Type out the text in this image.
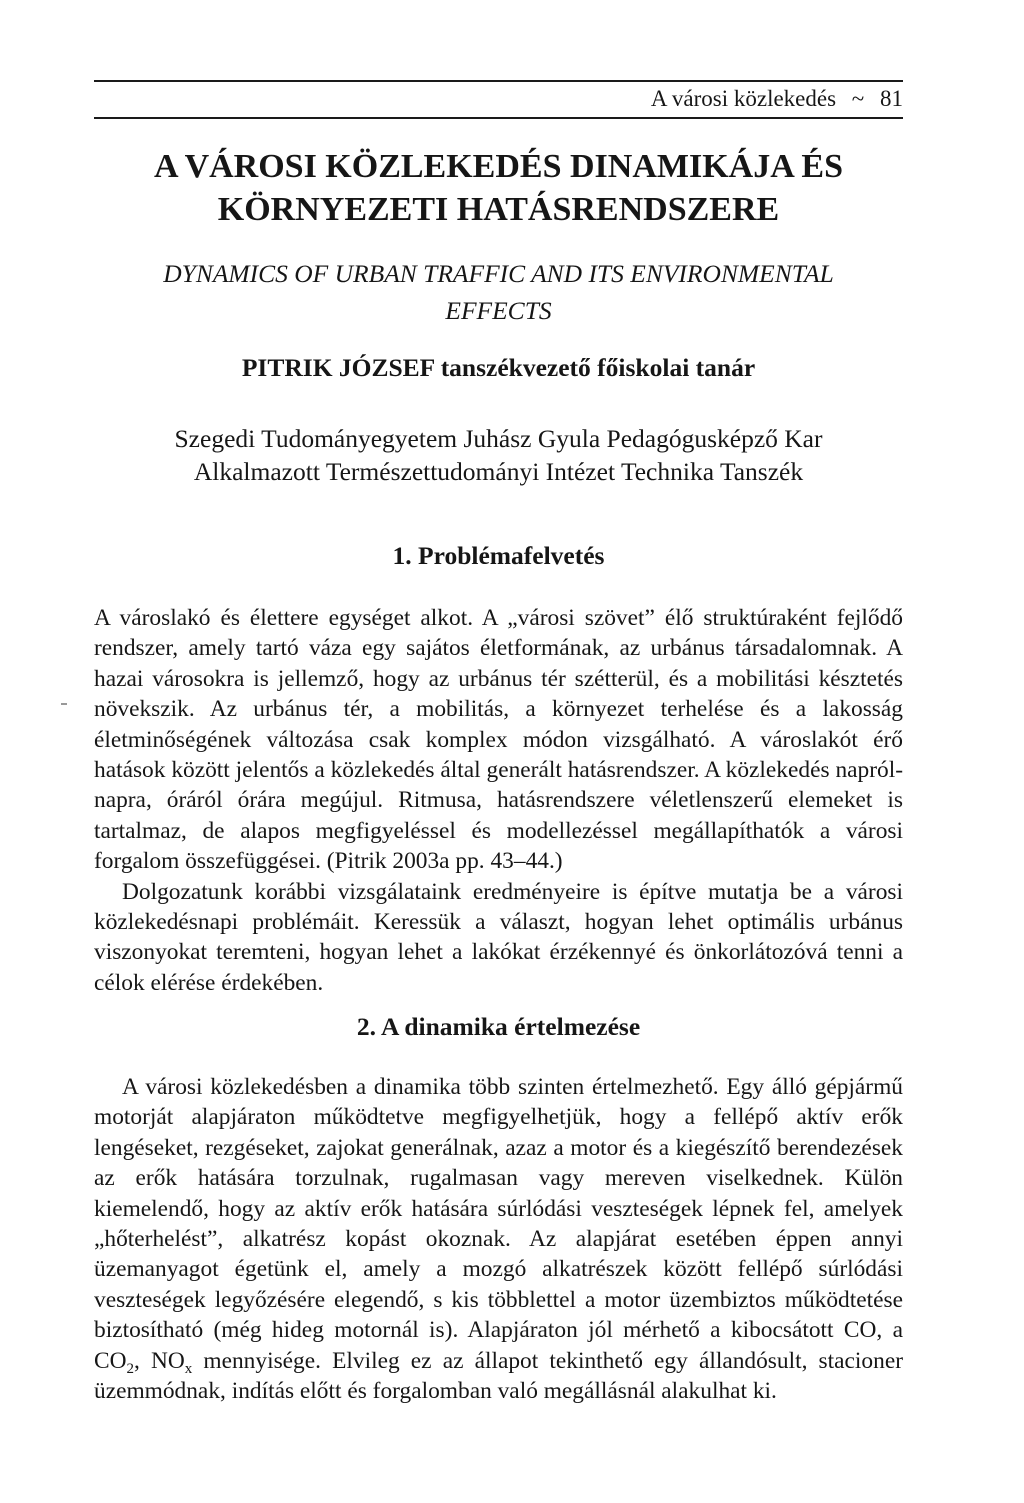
A városi közlekedés ~ 81
A VÁROSI KÖZLEKEDÉS DINAMIKÁJA ÉS
KÖRNYEZETI HATÁSRENDSZERE
DYNAMICS OF URBAN TRAFFIC AND ITS ENVIRONMENTAL
EFFECTS
PITRIK JÓZSEF tanszékvezető főiskolai tanár
Szegedi Tudományegyetem Juhász Gyula Pedagógusképző Kar
Alkalmazott Természettudományi Intézet Technika Tanszék
1. Problémafelvetés

A városlakó és élettere egységet alkot. A „városi szövet” élő struktúraként fejlődő rendszer, amely tartó váza egy sajátos életformának, az urbánus társadalomnak. A hazai városokra is jellemző, hogy az urbánus tér szétterül, és a mobilitási késztetés növekszik. Az urbánus tér, a mobilitás, a környezet terhelése és a lakosság életminőségének változása csak komplex módon vizsgálható. A városlakót érő hatások között jelentős a közlekedés által generált hatásrendszer. A közlekedés napról-napra, óráról órára megújul. Ritmusa, hatásrendszere véletlenszerű elemeket is tartalmaz, de alapos megfigyeléssel és modellezéssel megállapíthatók a városi forgalom összefüggései. (Pitrik 2003a pp. 43–44.)

Dolgozatunk korábbi vizsgálataink eredményeire is építve mutatja be a városi közlekedésnapi problémáit. Keressük a választ, hogyan lehet optimális urbánus viszonyokat teremteni, hogyan lehet a lakókat érzékennyé és önkorlátozóvá tenni a célok elérése érdekében.

2. A dinamika értelmezése

A városi közlekedésben a dinamika több szinten értelmezhető. Egy álló gépjármű motorját alapjáraton működtetve megfigyelhetjük, hogy a fellépő aktív erők lengéseket, rezgéseket, zajokat generálnak, azaz a motor és a kiegészítő berendezések az erők hatására torzulnak, rugalmasan vagy mereven viselkednek. Külön kiemelendő, hogy az aktív erők hatására súrlódási veszteségek lépnek fel, amelyek „hőterhelést”, alkatrész kopást okoznak. Az alapjárat esetében éppen annyi üzemanyagot égetünk el, amely a mozgó alkatrészek között fellépő súrlódási veszteségek legyőzésére elegendő, s kis többlettel a motor üzembiztos működtetése biztosítható (még hideg motornál is). Alapjáraton jól mérhető a kibocsátott CO, a $CO_2$, $NO_x$ mennyisége. Elvileg ez az állapot tekinthető egy állandósult, stacioner üzemmódnak, indítás előtt és forgalomban való megállásnál alakulhat ki.
